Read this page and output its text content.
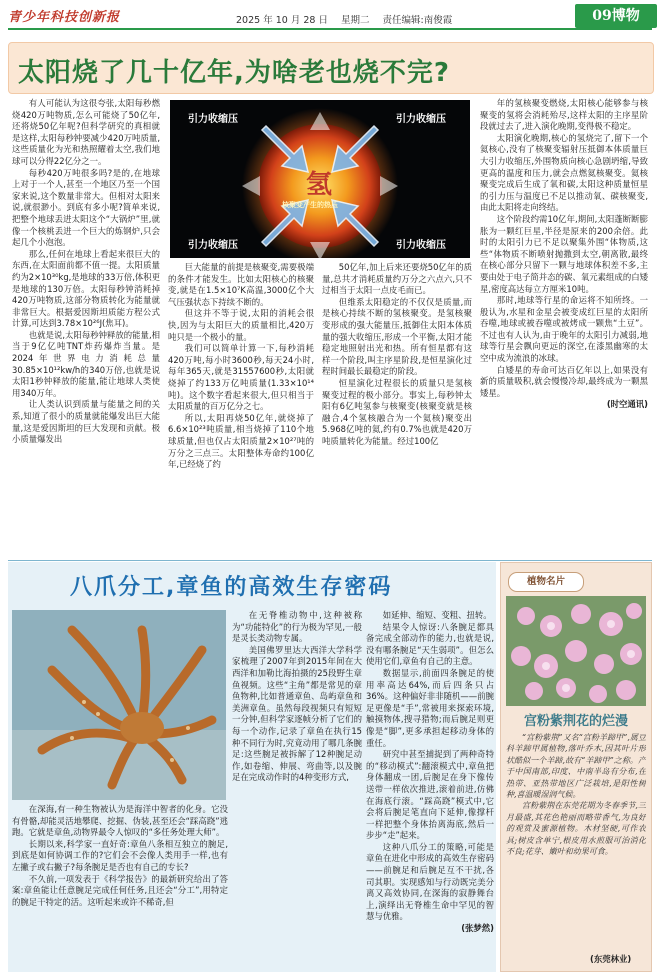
青少年科技创新报	2025 年 10 月 28 日 星期二 责任编辑:南俊霞	09博物
太阳烧了几十亿年,为啥老也烧不完?
引力收缩压	引力收缩压
引力收缩压	引力收缩压
氢
核聚变产生的热压

有人可能认为这很夸张,太阳每秒燃烧420万吨物质,怎么可能烧了50亿年,还将烧50亿年呢?但科学研究的真相就是这样,太阳每秒钟要减少420万吨质量,这些质量化为光和热照耀着太空,我们地球可以分得22亿分之一。

每秒420万吨很多吗?是的,在地球上对于一个人,甚至一个地区乃至一个国家来说,这个数量非常大。但相对太阳来说,就很渺小。到底有多小呢?简单来说,把整个地球丢进太阳这个“大锅炉”里,就像一个核桃丢进一个巨大的炼钢炉,只会起几个小泡泡。

那么,任何在地球上看起来很巨大的东西,在太阳面前都不值一提。太阳质量约为2×10³⁰kg,是地球的33万倍,体积更是地球的130万倍。太阳每秒钟消耗掉420万吨物质,这部分物质转化为能量就非常巨大。根据爱因斯坦质能方程公式计算,可达到3.78×10²⁶J(焦耳)。

也就是说,太阳每秒钟释放的能量,相当于9亿亿吨TNT炸药爆炸当量。是2024年世界电力消耗总量30.85×10¹²kw/h的340万倍,也就是说太阳1秒钟释放的能量,能让地球人类使用340万年。

让人类认识到质量与能量之间的关系,知道了很小的质量就能爆发出巨大能量,这是爱因斯坦的巨大发现和贡献。极小质量爆发出

巨大能量的前提是核聚变,需要极端的条件才能发生。比如太阳核心的核聚变,就是在1.5×10⁷K高温,3000亿个大气压强状态下持续不断的。

但这并不等于说,太阳的消耗会很快,因为与太阳巨大的质量相比,420万吨只是一个极小的量。

我们可以简单计算一下,每秒消耗420万吨,每小时3600秒,每天24小时,每年365天,就是31557600秒,太阳就烧掉了约133万亿吨质量(1.33×10¹⁴吨)。这个数字看起来很大,但只相当于太阳质量的百万亿分之七。

所以,太阳再烧50亿年,就烧掉了6.6×10²³吨质量,相当烧掉了110个地球质量,但也仅占太阳质量2×10²⁷吨的万分之三点三。太阳整体寿命约100亿年,已经烧了约

50亿年,加上后来还要烧50亿年的质量,总共才消耗质量约万分之六点六,只不过相当于太阳一点皮毛而已。

但维系太阳稳定的不仅仅是质量,而是核心持续不断的氢核聚变。是氢核聚变形成的强大能量压,抵御住太阳本体质量的强大收缩压,形成一个平衡,太阳才能稳定地照射出光和热。所有恒星都有这样一个阶段,叫主序星阶段,是恒星演化过程时间最长最稳定的阶段。

恒星演化过程很长的质量只是氢核聚变过程的极小部分。事实上,每秒钟太阳有6亿吨氢参与核聚变(核聚变就是核融合,4个氢核融合为一个氦核)聚变出5.968亿吨的氦,约有0.7%也就是420万吨质量转化为能量。经过100亿

年的氢核聚变燃烧,太阳核心能够参与核聚变的氢将会消耗殆尽,这样太阳的主序星阶段就过去了,进入演化晚期,变得极不稳定。

太阳演化晚期,核心的氢烧完了,留下一个氦核心,没有了核聚变辐射压抵御本体质量巨大引力收缩压,外围物质向核心急剧坍缩,导致更高的温度和压力,就会点燃氦核聚变。氦核聚变完成后生成了氧和碳,太阳这种质量恒星的引力压与温度已不足以推动氧、碳核聚变,由此太阳将走向终结。

这个阶段约需10亿年,期间,太阳蓬断断膨胀为一颗红巨星,半径是原来的200余倍。此时的太阳引力已不足以聚集外围“体物质,这些“体物质不断喷射抛撒到太空,朝离散,最终在核心部分只留下一颗与地球体积差不多,主要由处于电子简并态的碳、氧元素组成的白矮星,密度高达每立方厘米10吨。

那时,地球等行星的命运将不知所终。一般认为,水星和金星会被变成红巨星的太阳所吞噬,地球或被吞噬或被烤成一颗焦“土豆”。不过也有人认为,由于晚年的太阳引力减弱,地球等行星会飘向更远的深空,在漆黑幽寒的太空中成为流浪的冰球。

白矮星的寿命可达百亿年以上,如果没有新的质量吸积,就会慢慢冷却,最终成为一颗黑矮星。

(时空通讯)

八爪分工,章鱼的高效生存密码

在深海,有一种生物被认为是海洋中智者的化身。它没有骨骼,却能灵活地攀爬、挖掘、伪装,甚至还会“踩高跷”逃跑。它就是章鱼,动物界最令人惊叹的“多任务处理大师”。

长期以来,科学家一直好奇:章鱼八条相互独立的腕足,到底是如何协调工作的?它们会不会像人类用手一样,也有左撇子或右撇子?每条腕足是否也有自己的专长?

不久前,一项发表于《科学报告》的最新研究给出了答案:章鱼能让任意腕足完成任何任务,且还会“分工”,用特定的腕足干特定的活。这听起来或许不稀奇,但

在无脊椎动物中,这种被称为“功能特化”的行为极为罕见,一般是灵长类动物专属。

美国佛罗里达大西洋大学科学家梳理了2007年到2015年间在大西洋和加勒比海拍摄的25段野生章鱼视频。这些“主角”都是常见的章鱼物种,比如普通章鱼、岛屿章鱼和美洲章鱼。虽然每段视频只有短短一分钟,但科学家逐帧分析了它们的每一个动作,记录了章鱼在执行15种不同行为时,究竟动用了哪几条腕足:这些腕足被拆解了12种腕足动作,如卷缩、伸展、弯曲等,以及腕足在完成动作时的4种变形方式,

如延伸、缩短、变粗、扭转。

结果令人惊讶:八条腕足都具备完成全部动作的能力,也就是说,没有哪条腕足“天生弱项”。但怎么使用它们,章鱼有自己的主意。

数据显示,前面四条腕足的使用率高达64%,而后四条只占36%。这种偏好非非随机——前腕足更像是“手”,常被用来探索环境,触摸物体,搜寻猎物;而后腕足则更像是“脚”,更多承担起移动身体的重任。

研究中甚至捕捉到了两种奇特的“移动模式”:翻滚模式中,章鱼把身体翻成一团,后腕足在身下像传送带一样依次推进,滚着前进,仿佛在海底行滚。“踩高跷”模式中,它会将后腕足笔直向下延伸,像撑杆一样把整个身体抬离海底,然后一步步“走”起来。

这种八爪分工的策略,可能是章鱼在进化中形成的高效生存密码——前腕足和后腕足互不干扰,各司其职。实现感知与行动既完美分离又高效协同,在深海的寂静舞台上,演绎出无脊椎生命中罕见的智慧与优雅。

(张梦然)

植物名片
宫粉紫荆花的烂漫

“宫粉紫荆”又名“宫粉羊蹄甲”,属豆科羊蹄甲属植物,落叶乔木,因其叶片形状酷似一个羊蹄,故有“羊蹄甲”之称。产于中国南部,印度、中南半岛有分布,在热带、亚热带地区广泛栽培,是阳性树种,喜温暖湿润气候。

宫粉紫荆在东莞花期为冬春季节,三月最盛,其花色艳丽而略带香气,为良好的观赏及蜜源植物。木材坚硬,可作农具;树皮含单宁,根皮用水煎服可治消化不良;花芽、嫩叶和幼果可食。

(东莞林业)
